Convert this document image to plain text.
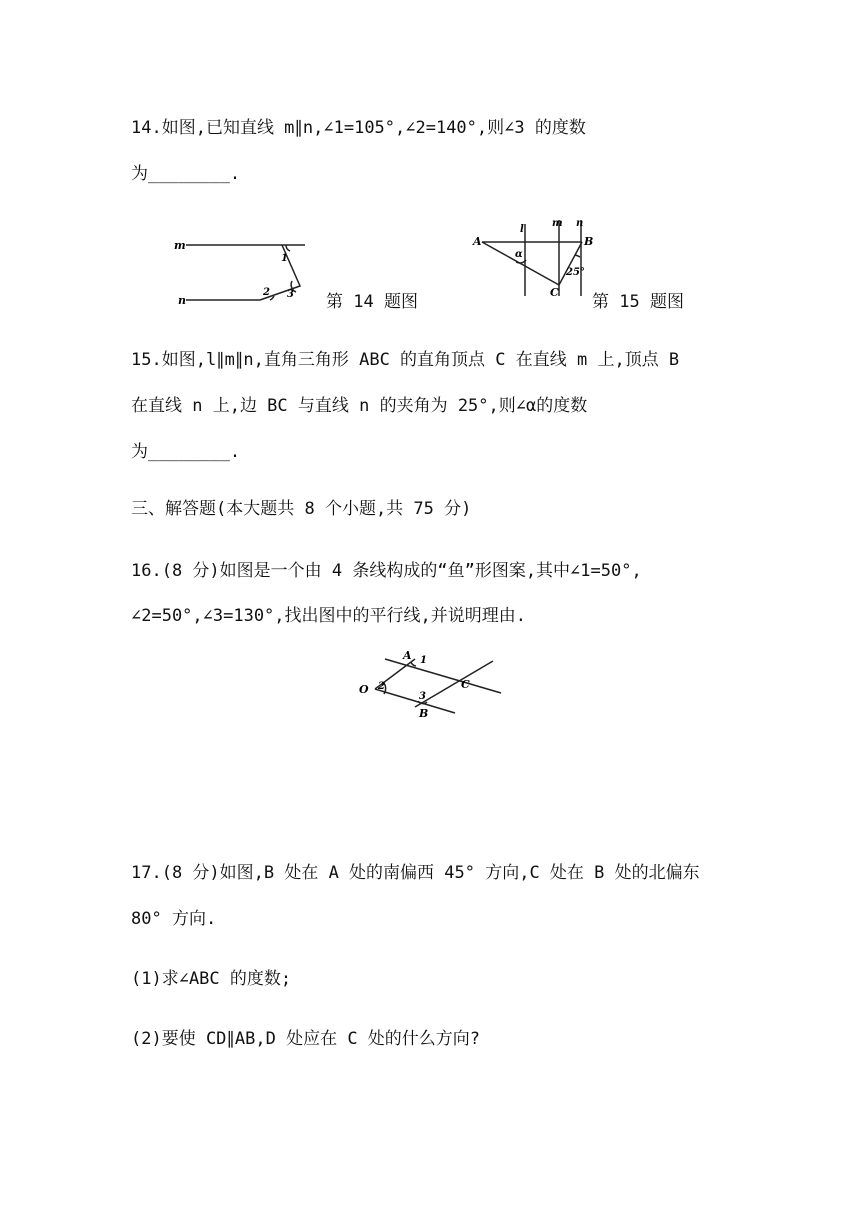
14.如图,已知直线 m∥n,∠1=105°,∠2=140°,则∠3 的度数
为________.
m
n
1
2 3 第 14 题图
A	B
C
l
m n
α
25°
第 15 题图
15.如图,l∥m∥n,直角三角形 ABC 的直角顶点 C 在直线 m 上,顶点 B
在直线 n 上,边 BC 与直线 n 的夹角为 25°,则∠α的度数
为________.
三、解答题(本大题共 8 个小题,共 75 分)
16.(8 分)如图是一个由 4 条线构成的“鱼”形图案,其中∠1=50°,
∠2=50°,∠3=130°,找出图中的平行线,并说明理由.
A
O
B
C
1
2
3
17.(8 分)如图,B 处在 A 处的南偏西 45° 方向,C 处在 B 处的北偏东
80° 方向.
(1)求∠ABC 的度数;
(2)要使 CD∥AB,D 处应在 C 处的什么方向?
